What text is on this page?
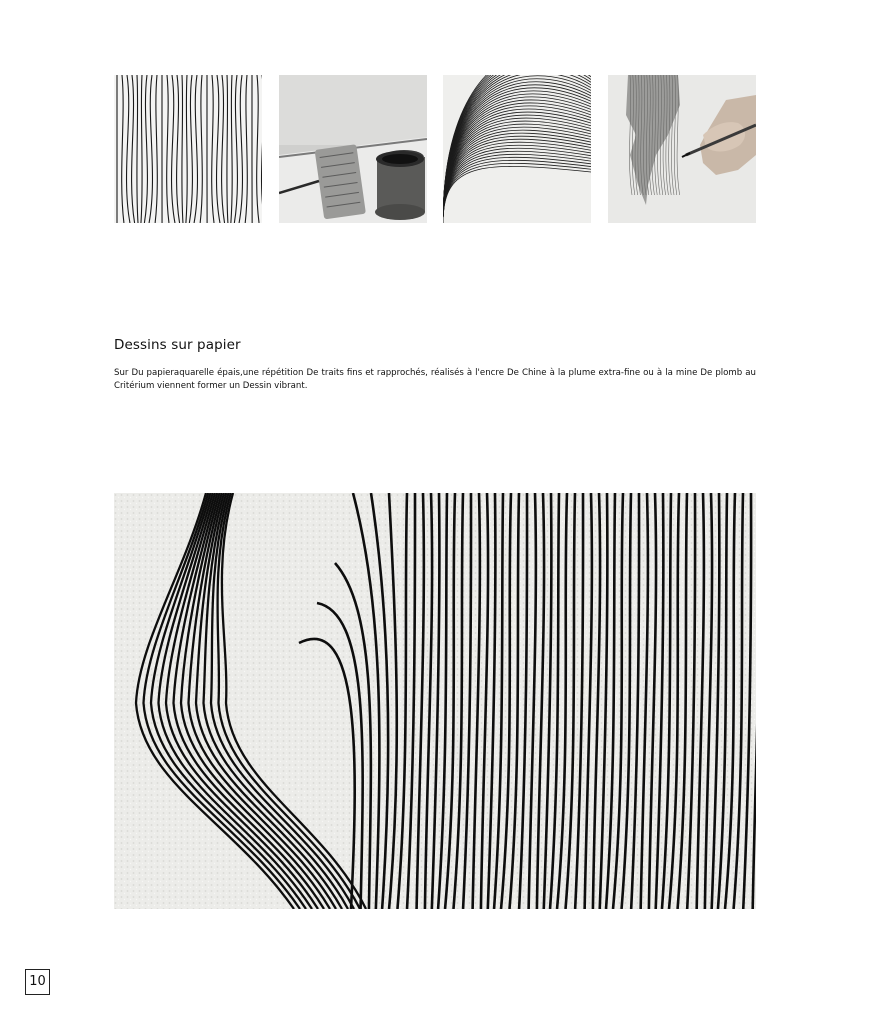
Dessins sur papier
Sur Du papieraquarelle épais,une répétition De traits fins et rapprochés, réalisés à l'encre De Chine à la plume extra-fine ou à la mine De plomb au Critérium viennent former un Dessin vibrant.
10
